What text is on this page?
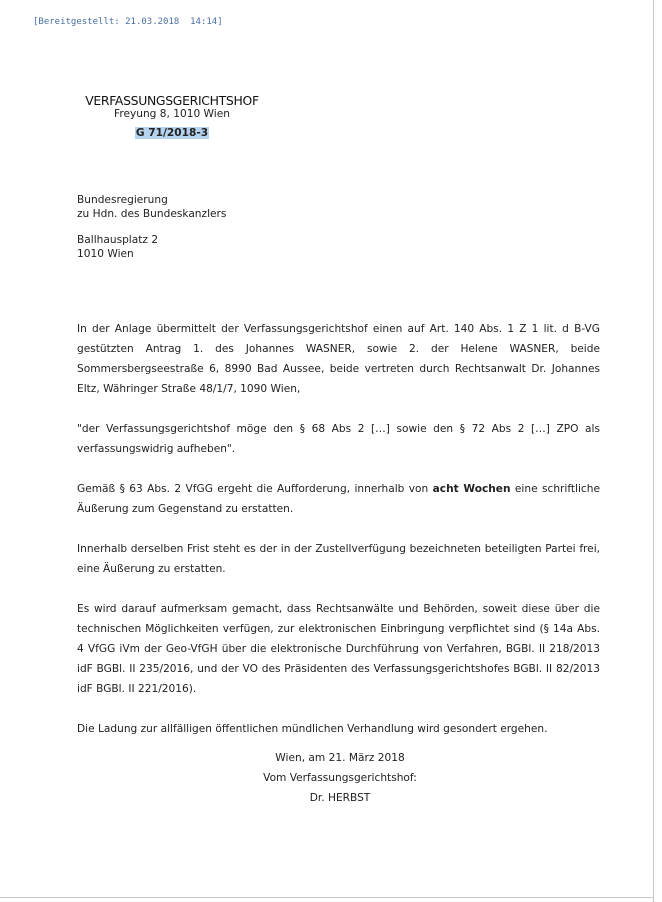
[Bereitgestellt: 21.03.2018  14:14]
VERFASSUNGSGERICHTSHOF
Freyung 8, 1010 Wien
G 71/2018-3
Bundesregierung
zu Hdn. des Bundeskanzlers
Ballhausplatz 2
1010 Wien

In der Anlage übermittelt der Verfassungsgerichtshof einen auf Art. 140 Abs. 1 Z 1 lit. d B-VG gestützten Antrag 1. des Johannes WASNER, sowie 2. der Helene WASNER, beide Sommersbergseestraße 6, 8990 Bad Aussee, beide vertreten durch Rechtsanwalt Dr. Johannes Eltz, Währinger Straße 48/1/7, 1090 Wien,

"der Verfassungsgerichtshof möge den § 68 Abs 2 […] sowie den § 72 Abs 2 […] ZPO als verfassungswidrig aufheben".

Gemäß § 63 Abs. 2 VfGG ergeht die Aufforderung, innerhalb von acht Wochen eine schriftliche Äußerung zum Gegenstand zu erstatten.

Innerhalb derselben Frist steht es der in der Zustellverfügung bezeichneten beteiligten Partei frei, eine Äußerung zu erstatten.

Es wird darauf aufmerksam gemacht, dass Rechtsanwälte und Behörden, soweit diese über die technischen Möglichkeiten verfügen, zur elektronischen Einbringung verpflichtet sind (§ 14a Abs. 4 VfGG iVm der Geo-VfGH über die elektronische Durchführung von Verfahren, BGBl. II 218/2013 idF BGBl. II 235/2016, und der VO des Präsidenten des Verfassungsgerichtshofes BGBl. II 82/2013 idF BGBl. II 221/2016).

Die Ladung zur allfälligen öffentlichen mündlichen Verhandlung wird gesondert ergehen.

Wien, am 21. März 2018
Vom Verfassungsgerichtshof:
Dr. HERBST
